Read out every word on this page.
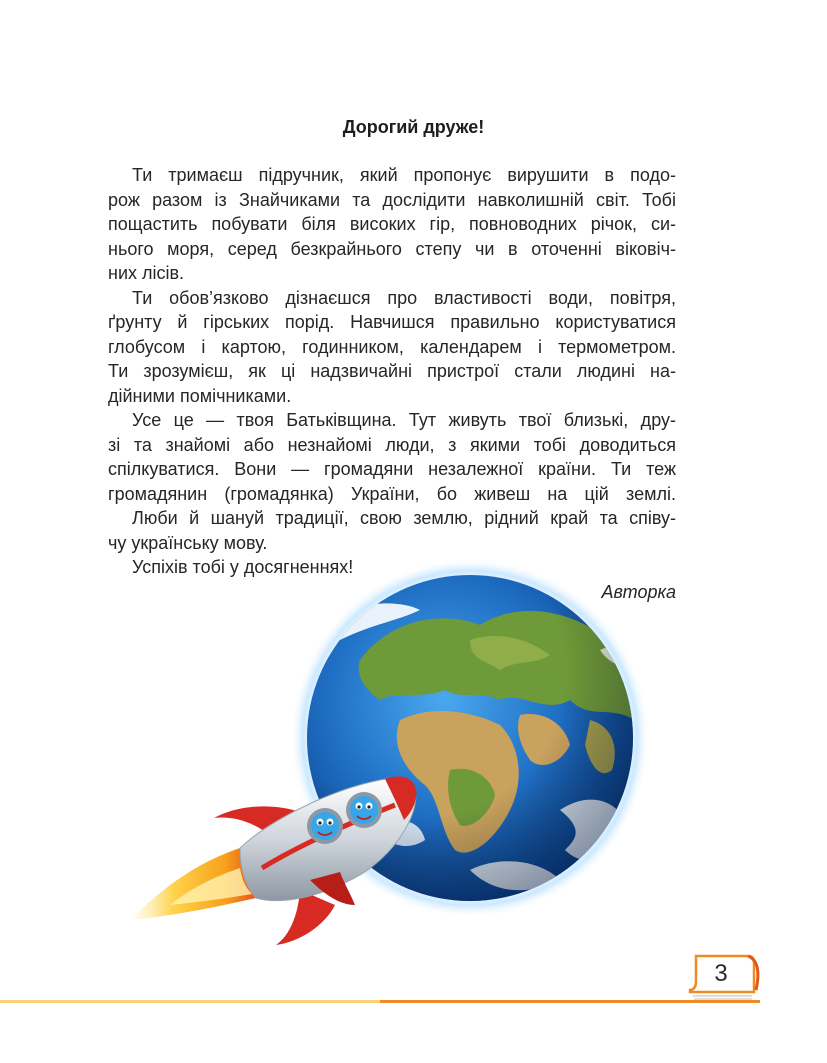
Дорогий друже!

Ти тримаєш підручник, який пропонує вирушити в подо-
рож разом із Знайчиками та дослідити навколишній світ. Тобі
пощастить побувати біля високих гір, повноводних річок, си-
нього моря, серед безкрайнього степу чи в оточенні віковіч-
них лісів.

Ти обов’язково дізнаєшся про властивості води, повітря,
ґрунту й гірських порід. Навчишся правильно користуватися
глобусом і картою, годинником, календарем і термометром.
Ти зрозумієш, як ці надзвичайні пристрої стали людині на-
дійними помічниками.

Усе це — твоя Батьківщина. Тут живуть твої близькі, дру-
зі та знайомі або незнайомі люди, з якими тобі доводиться
спілкуватися. Вони — громадяни незалежної країни. Ти теж
громадянин (громадянка) України, бо живеш на цій землі.

Люби й шануй традиції, свою землю, рідний край та співу-
чу українську мову.

Успіхів тобі у досягненнях!

Авторка
3
